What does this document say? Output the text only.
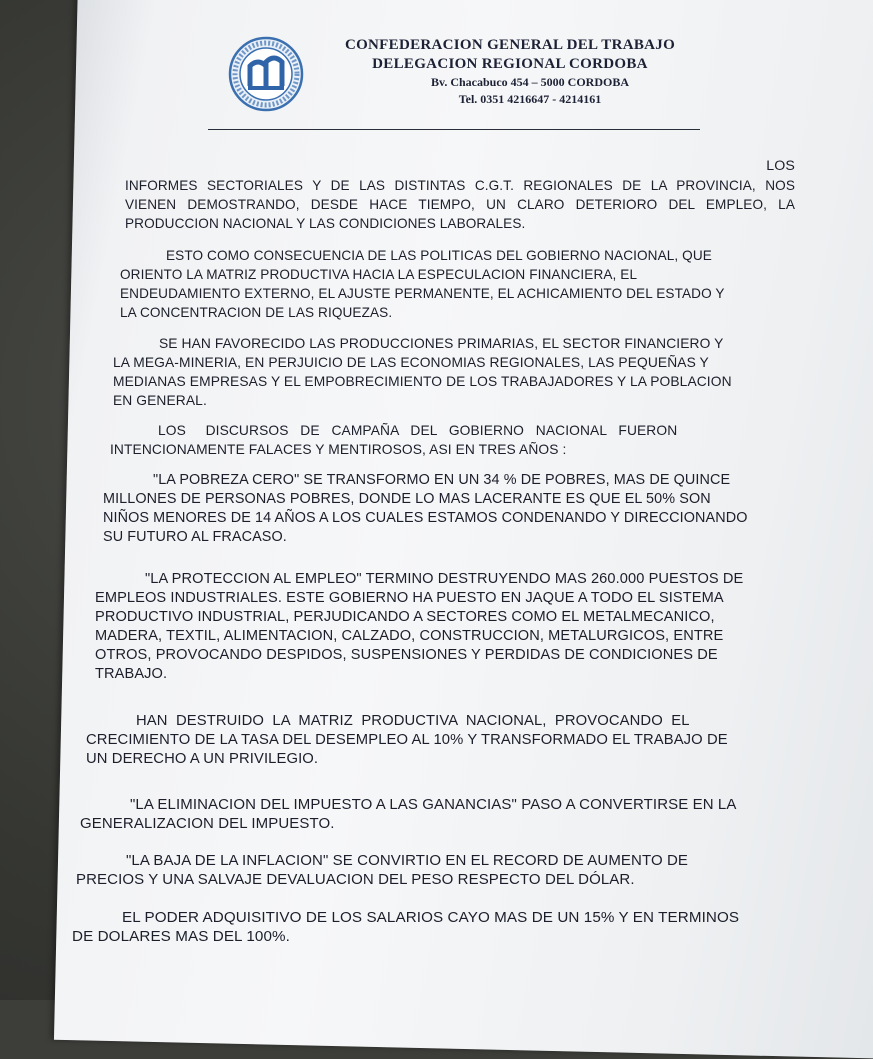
CONFEDERACION GENERAL DEL TRABAJO
DELEGACION REGIONAL CORDOBA
Bv. Chacabuco 454 – 5000 CORDOBA
Tel. 0351 4216647 - 4214161
LOS
INFORMES SECTORIALES Y DE LAS DISTINTAS C.G.T. REGIONALES DE LA PROVINCIA, NOS
VIENEN DEMOSTRANDO, DESDE HACE TIEMPO, UN CLARO DETERIORO DEL EMPLEO, LA
PRODUCCION NACIONAL Y LAS CONDICIONES LABORALES.
ESTO COMO CONSECUENCIA DE LAS POLITICAS DEL GOBIERNO NACIONAL, QUE
ORIENTO LA MATRIZ PRODUCTIVA HACIA LA ESPECULACION FINANCIERA, EL
ENDEUDAMIENTO EXTERNO, EL AJUSTE PERMANENTE, EL ACHICAMIENTO DEL ESTADO Y
LA CONCENTRACION DE LAS RIQUEZAS.
SE HAN FAVORECIDO LAS PRODUCCIONES PRIMARIAS, EL SECTOR FINANCIERO Y
LA MEGA-MINERIA, EN PERJUICIO DE LAS ECONOMIAS REGIONALES, LAS PEQUEÑAS Y
MEDIANAS EMPRESAS Y EL EMPOBRECIMIENTO DE LOS TRABAJADORES Y LA POBLACION
EN GENERAL.
LOS     DISCURSOS   DE   CAMPAÑA   DEL   GOBIERNO   NACIONAL   FUERON
INTENCIONAMENTE FALACES Y MENTIROSOS, ASI EN TRES AÑOS :
"LA POBREZA CERO" SE TRANSFORMO EN UN 34 % DE POBRES, MAS DE QUINCE
MILLONES DE PERSONAS POBRES, DONDE LO MAS LACERANTE ES QUE EL 50% SON
NIÑOS MENORES DE 14 AÑOS A LOS CUALES ESTAMOS CONDENANDO Y DIRECCIONANDO
SU FUTURO AL FRACASO.
"LA PROTECCION AL EMPLEO" TERMINO DESTRUYENDO MAS 260.000 PUESTOS DE
EMPLEOS INDUSTRIALES. ESTE GOBIERNO HA PUESTO EN JAQUE A TODO EL SISTEMA
PRODUCTIVO INDUSTRIAL, PERJUDICANDO A SECTORES COMO EL METALMECANICO,
MADERA, TEXTIL, ALIMENTACION, CALZADO, CONSTRUCCION, METALURGICOS, ENTRE
OTROS, PROVOCANDO DESPIDOS, SUSPENSIONES Y PERDIDAS DE CONDICIONES DE
TRABAJO.
HAN  DESTRUIDO  LA  MATRIZ  PRODUCTIVA  NACIONAL,  PROVOCANDO  EL
CRECIMIENTO DE LA TASA DEL DESEMPLEO AL 10% Y TRANSFORMADO EL TRABAJO DE
UN DERECHO A UN PRIVILEGIO.
"LA ELIMINACION DEL IMPUESTO A LAS GANANCIAS" PASO A CONVERTIRSE EN LA
GENERALIZACION DEL IMPUESTO.
"LA BAJA DE LA INFLACION" SE CONVIRTIO EN EL RECORD DE AUMENTO DE
PRECIOS Y UNA SALVAJE DEVALUACION DEL PESO RESPECTO DEL DÓLAR.
EL PODER ADQUISITIVO DE LOS SALARIOS CAYO MAS DE UN 15% Y EN TERMINOS
DE DOLARES MAS DEL 100%.
